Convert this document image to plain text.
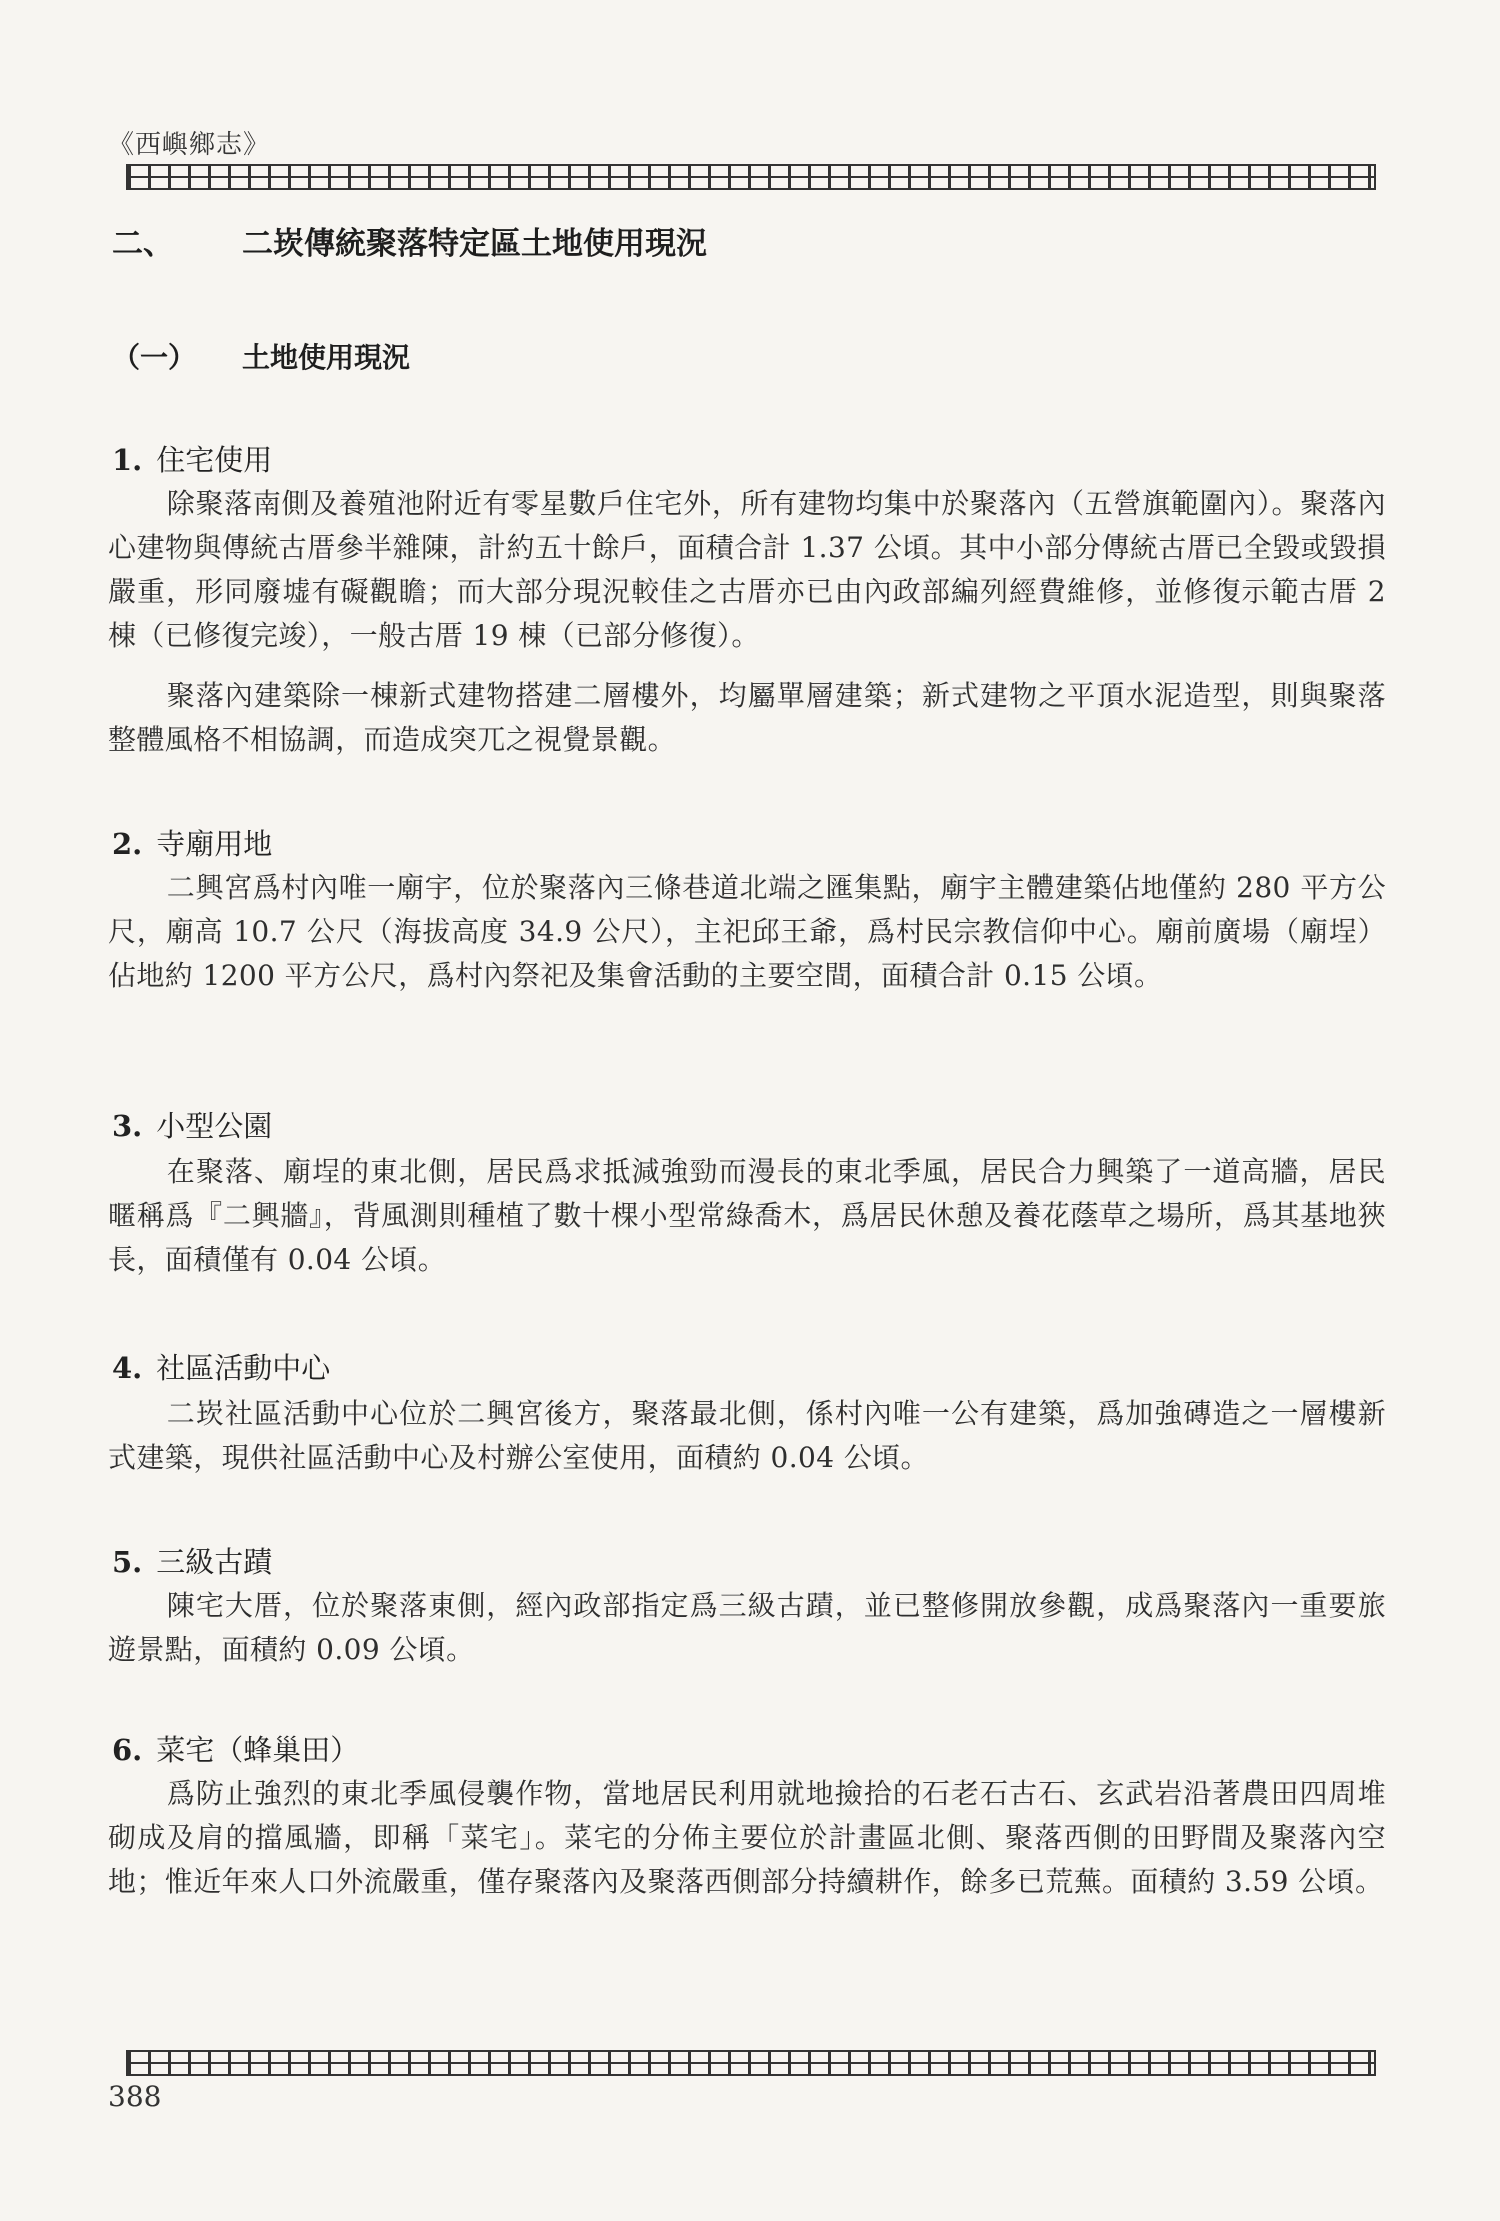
《西嶼鄉志》
二、 二崁傳統聚落特定區土地使用現況
（一） 土地使用現況
1. 住宅使用
除聚落南側及養殖池附近有零星數戶住宅外，所有建物均集中於聚落內（五營旗範圍內）。聚落內心建物與傳統古厝參半雜陳，計約五十餘戶，面積合計 1.37 公頃。其中小部分傳統古厝已全毀或毀損嚴重，形同廢墟有礙觀瞻；而大部分現況較佳之古厝亦已由內政部編列經費維修，並修復示範古厝 2 棟（已修復完竣），一般古厝 19 棟（已部分修復）。
聚落內建築除一棟新式建物搭建二層樓外，均屬單層建築；新式建物之平頂水泥造型，則與聚落整體風格不相協調，而造成突兀之視覺景觀。
2. 寺廟用地
二興宮爲村內唯一廟宇，位於聚落內三條巷道北端之匯集點，廟宇主體建築佔地僅約 280 平方公尺，廟高 10.7 公尺（海拔高度 34.9 公尺），主祀邱王爺，爲村民宗教信仰中心。廟前廣場（廟埕）佔地約 1200 平方公尺，爲村內祭祀及集會活動的主要空間，面積合計 0.15 公頃。
3. 小型公園
在聚落、廟埕的東北側，居民爲求抵減強勁而漫長的東北季風，居民合力興築了一道高牆，居民暱稱爲『二興牆』，背風測則種植了數十棵小型常綠喬木，爲居民休憩及養花蔭草之場所，爲其基地狹長，面積僅有 0.04 公頃。
4. 社區活動中心
二崁社區活動中心位於二興宮後方，聚落最北側，係村內唯一公有建築，爲加強磚造之一層樓新式建築，現供社區活動中心及村辦公室使用，面積約 0.04 公頃。
5. 三級古蹟
陳宅大厝，位於聚落東側，經內政部指定爲三級古蹟，並已整修開放參觀，成爲聚落內一重要旅遊景點，面積約 0.09 公頃。
6. 菜宅（蜂巢田）
爲防止強烈的東北季風侵襲作物，當地居民利用就地撿拾的石老石古石、玄武岩沿著農田四周堆砌成及肩的擋風牆，即稱「菜宅」。菜宅的分佈主要位於計畫區北側、聚落西側的田野間及聚落內空地；惟近年來人口外流嚴重，僅存聚落內及聚落西側部分持續耕作，餘多已荒蕪。面積約 3.59 公頃。
388
